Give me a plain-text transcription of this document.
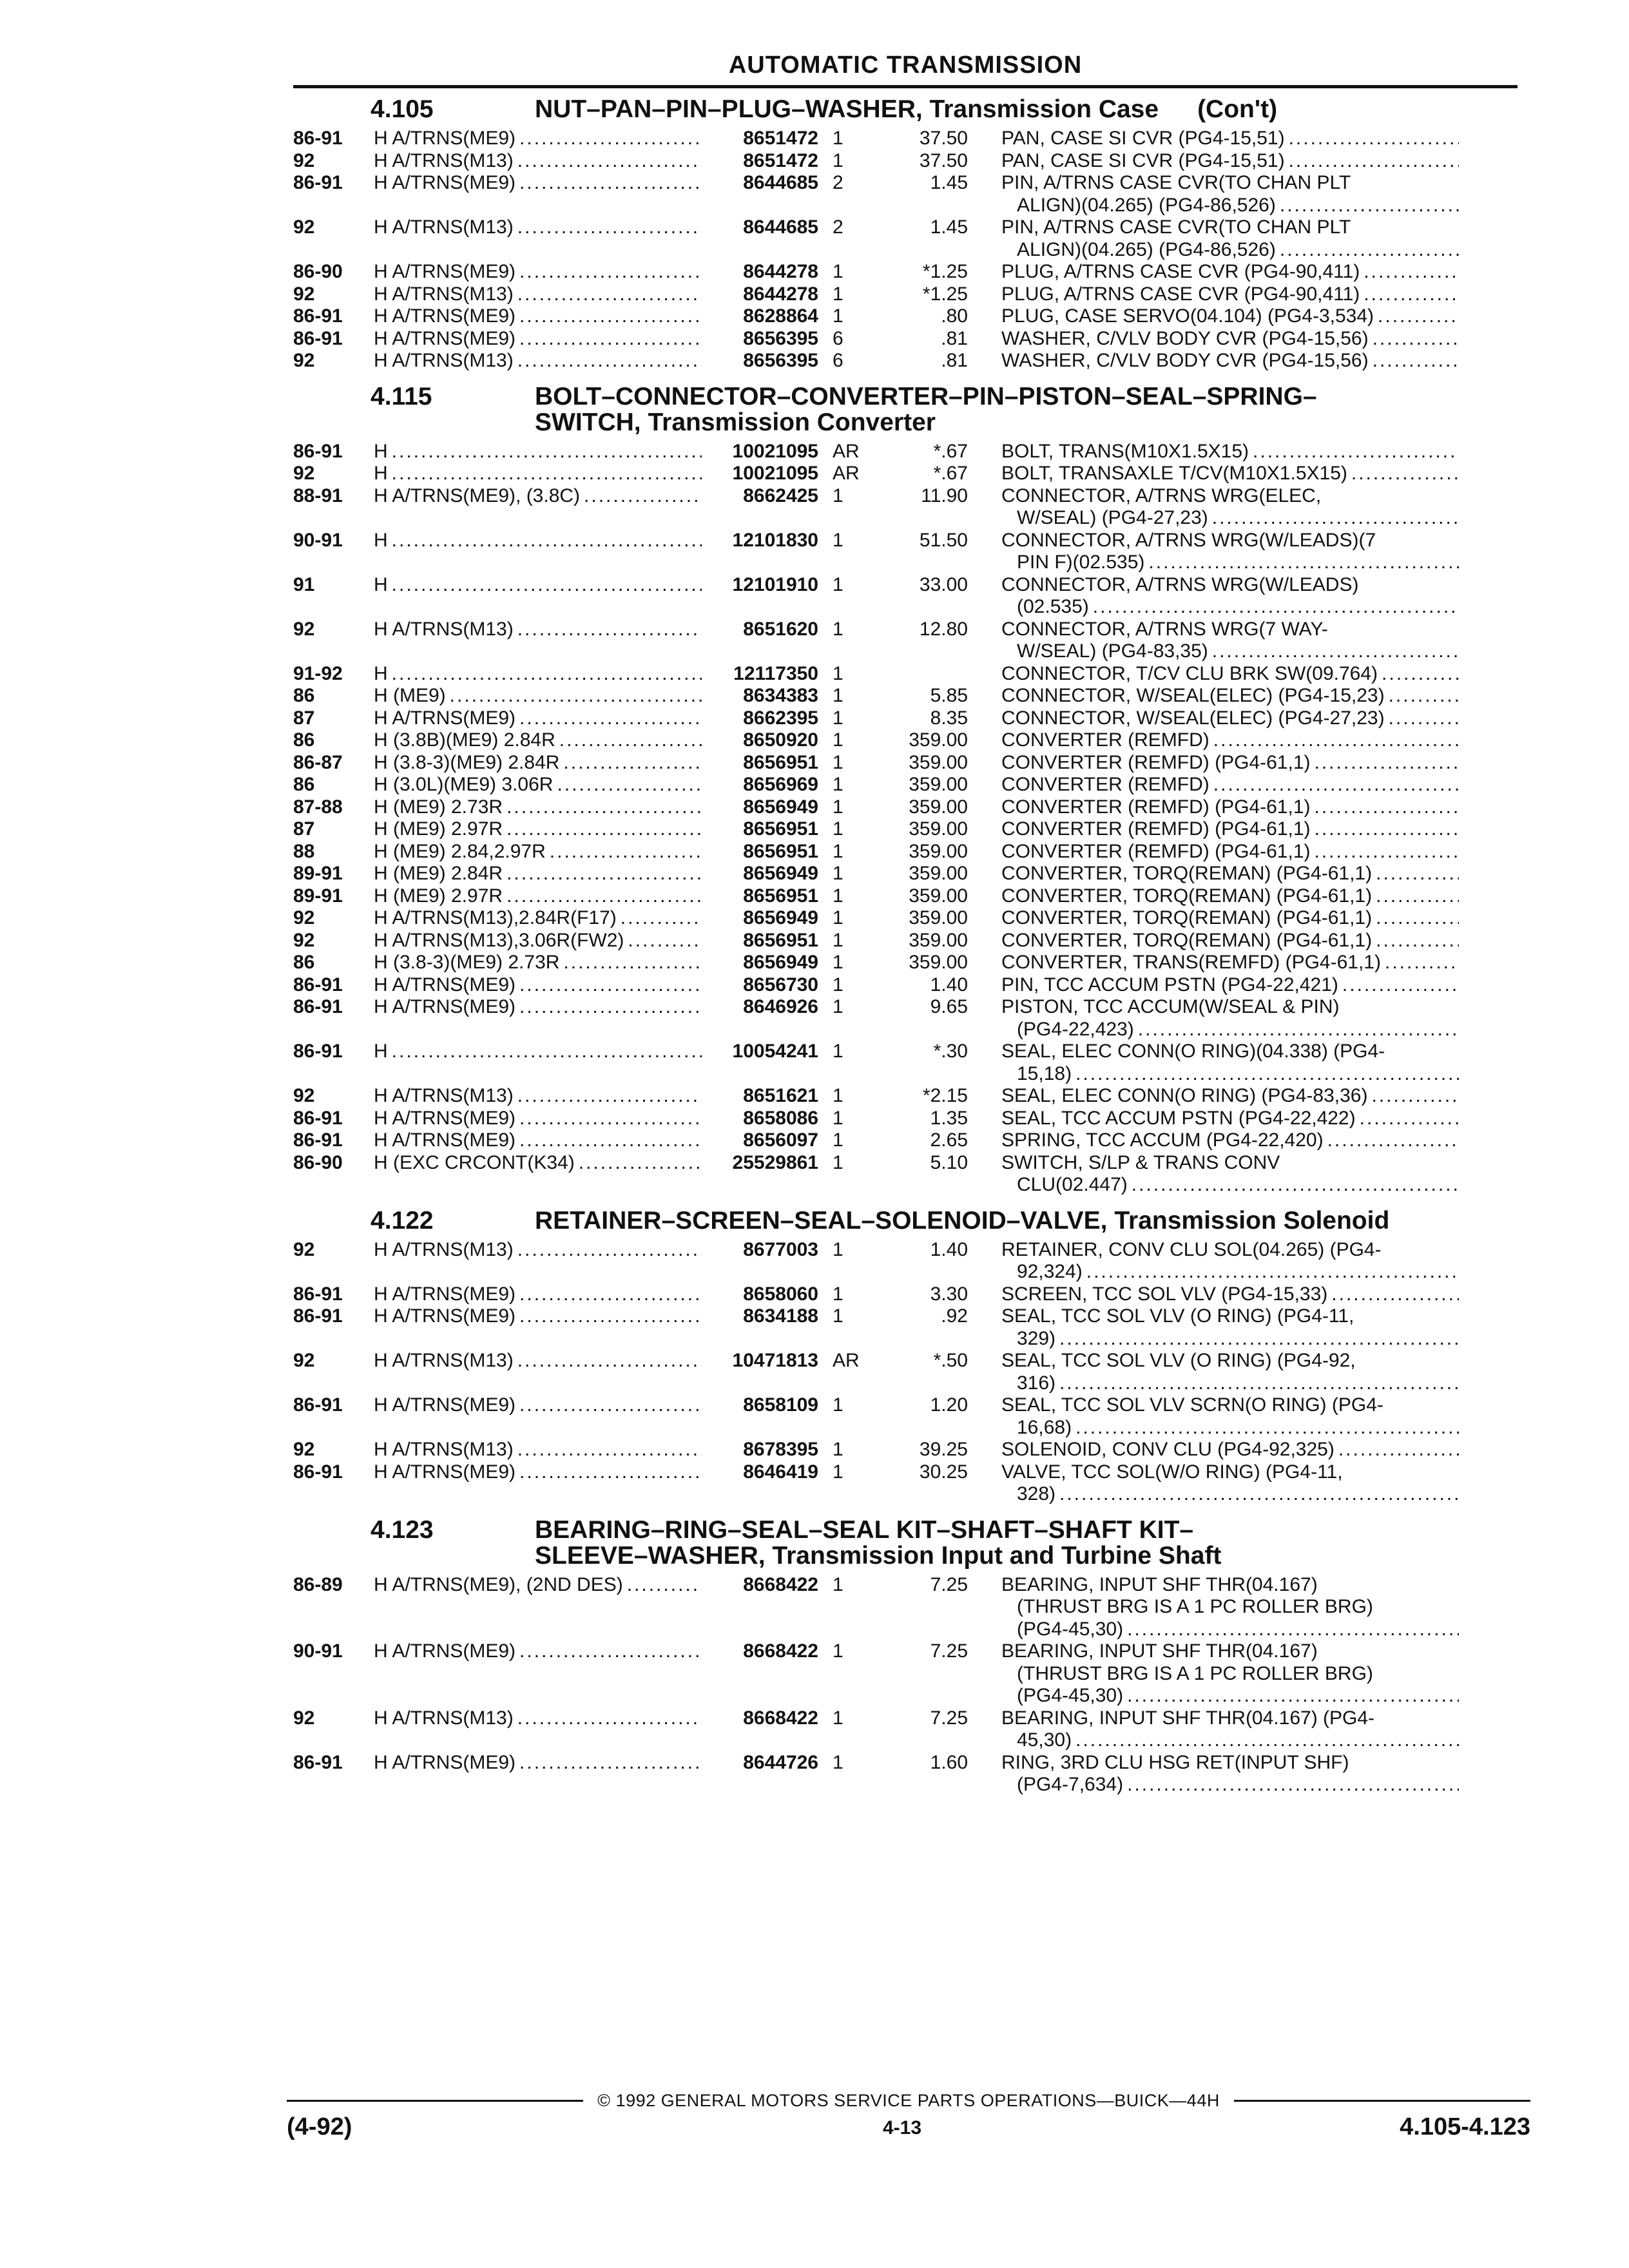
AUTOMATIC TRANSMISSION
4.105	NUT–PAN–PIN–PLUG–WASHER, Transmission Case (Con't)
86-91	H A/TRNS(ME9) .....	8651472 1	37.50 PAN, CASE SI CVR (PG4-15,51)
.....
92	H A/TRNS(M13) .....	8651472 1	37.50 PAN, CASE SI CVR (PG4-15,51)
.....
86-91	H A/TRNS(ME9) .....	8644685 2	1.45 PIN, A/TRNS CASE CVR(TO CHAN PLT
ALIGN)(04.265) (PG4-86,526)
.....
92	H A/TRNS(M13) .....	8644685 2	1.45 PIN, A/TRNS CASE CVR(TO CHAN PLT
ALIGN)(04.265) (PG4-86,526)
.....
86-90	H A/TRNS(ME9) .....	8644278 1	*1.25 PLUG, A/TRNS CASE CVR (PG4-90,411)
.....
92	H A/TRNS(M13) .....	8644278 1	*1.25 PLUG, A/TRNS CASE CVR (PG4-90,411)
.....
86-91	H A/TRNS(ME9) .....	8628864 1	.80 PLUG, CASE SERVO(04.104) (PG4-3,534)
.....
86-91	H A/TRNS(ME9) .....	8656395 6	.81 WASHER, C/VLV BODY CVR (PG4-15,56)
.....
92	H A/TRNS(M13) .....	8656395 6	.81 WASHER, C/VLV BODY CVR (PG4-15,56)
.....
4.115	BOLT–CONNECTOR–CONVERTER–PIN–PISTON–SEAL–SPRING–
SWITCH, Transmission Converter
86-91	H .....	10021095 AR	*.67 BOLT, TRANS(M10X1.5X15)
.....
92	H .....	10021095 AR	*.67 BOLT, TRANSAXLE T/CV(M10X1.5X15)
.....
88-91	H A/TRNS(ME9), (3.8C) .....	8662425 1	11.90 CONNECTOR, A/TRNS WRG(ELEC,
W/SEAL) (PG4-27,23)
.....
90-91	H .....	12101830 1	51.50 CONNECTOR, A/TRNS WRG(W/LEADS)(7
PIN F)(02.535)
.....
91	H .....	12101910 1	33.00 CONNECTOR, A/TRNS WRG(W/LEADS)
(02.535)
.....
92	H A/TRNS(M13) .....	8651620 1	12.80 CONNECTOR, A/TRNS WRG(7 WAY-
W/SEAL) (PG4-83,35)
.....
91-92	H .....	12117350 1	CONNECTOR, T/CV CLU BRK SW(09.764)
.....
86	H (ME9) .....	8634383 1	5.85 CONNECTOR, W/SEAL(ELEC) (PG4-15,23)
.....
87	H A/TRNS(ME9) .....	8662395 1	8.35 CONNECTOR, W/SEAL(ELEC) (PG4-27,23)
.....
86	H (3.8B)(ME9) 2.84R .....	8650920 1	359.00 CONVERTER (REMFD)
.....
86-87	H (3.8-3)(ME9) 2.84R .....	8656951 1	359.00 CONVERTER (REMFD) (PG4-61,1)
.....
86	H (3.0L)(ME9) 3.06R .....	8656969 1	359.00 CONVERTER (REMFD)
.....
87-88	H (ME9) 2.73R .....	8656949 1	359.00 CONVERTER (REMFD) (PG4-61,1)
.....
87	H (ME9) 2.97R .....	8656951 1	359.00 CONVERTER (REMFD) (PG4-61,1)
.....
88	H (ME9) 2.84,2.97R .....	8656951 1	359.00 CONVERTER (REMFD) (PG4-61,1)
.....
89-91	H (ME9) 2.84R .....	8656949 1	359.00 CONVERTER, TORQ(REMAN) (PG4-61,1)
.....
89-91	H (ME9) 2.97R .....	8656951 1	359.00 CONVERTER, TORQ(REMAN) (PG4-61,1)
.....
92	H A/TRNS(M13),2.84R(F17) .....	8656949 1	359.00 CONVERTER, TORQ(REMAN) (PG4-61,1)
.....
92	H A/TRNS(M13),3.06R(FW2) .....	8656951 1	359.00 CONVERTER, TORQ(REMAN) (PG4-61,1)
.....
86	H (3.8-3)(ME9) 2.73R .....	8656949 1	359.00 CONVERTER, TRANS(REMFD) (PG4-61,1)
.....
86-91	H A/TRNS(ME9) .....	8656730 1	1.40 PIN, TCC ACCUM PSTN (PG4-22,421)
.....
86-91	H A/TRNS(ME9) .....	8646926 1	9.65 PISTON, TCC ACCUM(W/SEAL & PIN)
(PG4-22,423)
.....
86-91	H .....	10054241 1	*.30 SEAL, ELEC CONN(O RING)(04.338) (PG4-
15,18)
.....
92	H A/TRNS(M13) .....	8651621 1	*2.15 SEAL, ELEC CONN(O RING) (PG4-83,36)
.....
86-91	H A/TRNS(ME9) .....	8658086 1	1.35 SEAL, TCC ACCUM PSTN (PG4-22,422)
.....
86-91	H A/TRNS(ME9) .....	8656097 1	2.65 SPRING, TCC ACCUM (PG4-22,420)
.....
86-90	H (EXC CRCONT(K34) .....	25529861 1	5.10 SWITCH, S/LP & TRANS CONV
CLU(02.447)
.....
4.122	RETAINER–SCREEN–SEAL–SOLENOID–VALVE, Transmission Solenoid
92	H A/TRNS(M13) .....	8677003 1	1.40 RETAINER, CONV CLU SOL(04.265) (PG4-
92,324)
.....
86-91	H A/TRNS(ME9) .....	8658060 1	3.30 SCREEN, TCC SOL VLV (PG4-15,33)
.....
86-91	H A/TRNS(ME9) .....	8634188 1	.92 SEAL, TCC SOL VLV (O RING) (PG4-11,
329)
.....
92	H A/TRNS(M13) .....	10471813 AR	*.50 SEAL, TCC SOL VLV (O RING) (PG4-92,
316)
.....
86-91	H A/TRNS(ME9) .....	8658109 1	1.20 SEAL, TCC SOL VLV SCRN(O RING) (PG4-
16,68)
.....
92	H A/TRNS(M13) .....	8678395 1	39.25 SOLENOID, CONV CLU (PG4-92,325)
.....
86-91	H A/TRNS(ME9) .....	8646419 1	30.25 VALVE, TCC SOL(W/O RING) (PG4-11,
328)
.....
4.123	BEARING–RING–SEAL–SEAL KIT–SHAFT–SHAFT KIT–
SLEEVE–WASHER, Transmission Input and Turbine Shaft
86-89	H A/TRNS(ME9), (2ND DES) .....	8668422 1	7.25 BEARING, INPUT SHF THR(04.167)
(THRUST BRG IS A 1 PC ROLLER BRG)
(PG4-45,30)
.....
90-91	H A/TRNS(ME9) .....	8668422 1	7.25 BEARING, INPUT SHF THR(04.167)
(THRUST BRG IS A 1 PC ROLLER BRG)
(PG4-45,30)
.....
92	H A/TRNS(M13) .....	8668422 1	7.25 BEARING, INPUT SHF THR(04.167) (PG4-
45,30)
.....
86-91	H A/TRNS(ME9) .....	8644726 1	1.60 RING, 3RD CLU HSG RET(INPUT SHF)
(PG4-7,634)
.....
© 1992 GENERAL MOTORS SERVICE PARTS OPERATIONS—BUICK—44H
(4-92)	4-13	4.105-4.123
